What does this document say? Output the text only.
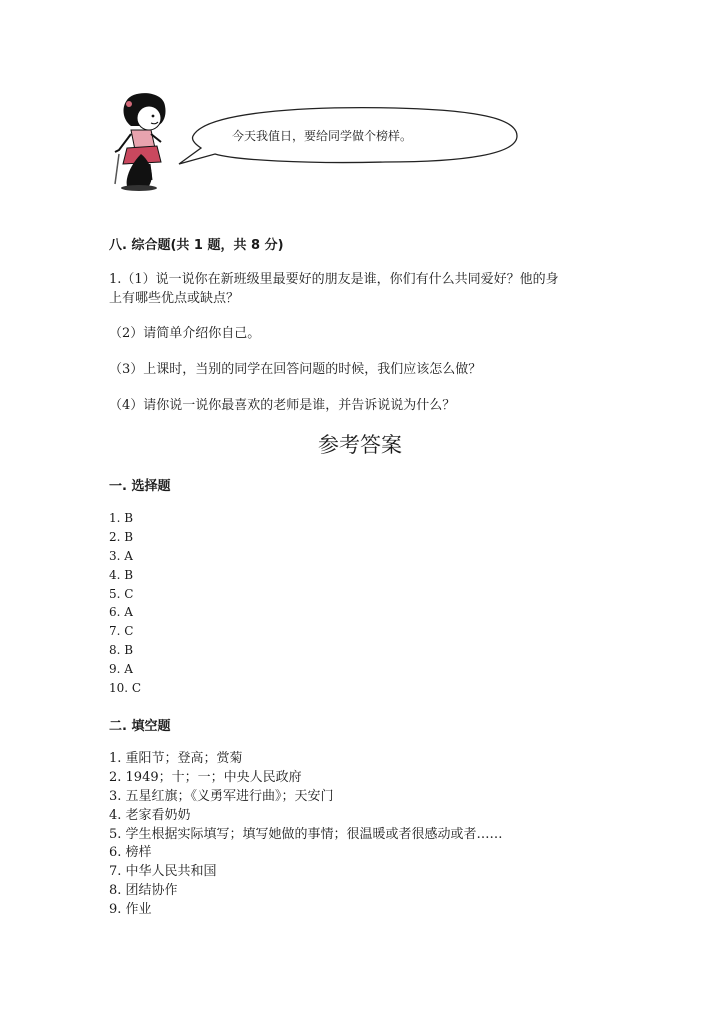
今天我值日，要给同学做个榜样。
八. 综合题(共 1 题，共 8 分)
1.（1）说一说你在新班级里最要好的朋友是谁，你们有什么共同爱好？他的身
上有哪些优点或缺点？
（2）请简单介绍你自己。
（3）上课时，当别的同学在回答问题的时候，我们应该怎么做？
（4）请你说一说你最喜欢的老师是谁，并告诉说说为什么？
参考答案
一. 选择题
1. B
2. B
3. A
4. B
5. C
6. A
7. C
8. B
9. A
10. C
二. 填空题
1. 重阳节；登高；赏菊
2. 1949；十；一；中央人民政府
3. 五星红旗；《义勇军进行曲》；天安门
4. 老家看奶奶
5. 学生根据实际填写；填写她做的事情；很温暖或者很感动或者……
6. 榜样
7. 中华人民共和国
8. 团结协作
9. 作业
